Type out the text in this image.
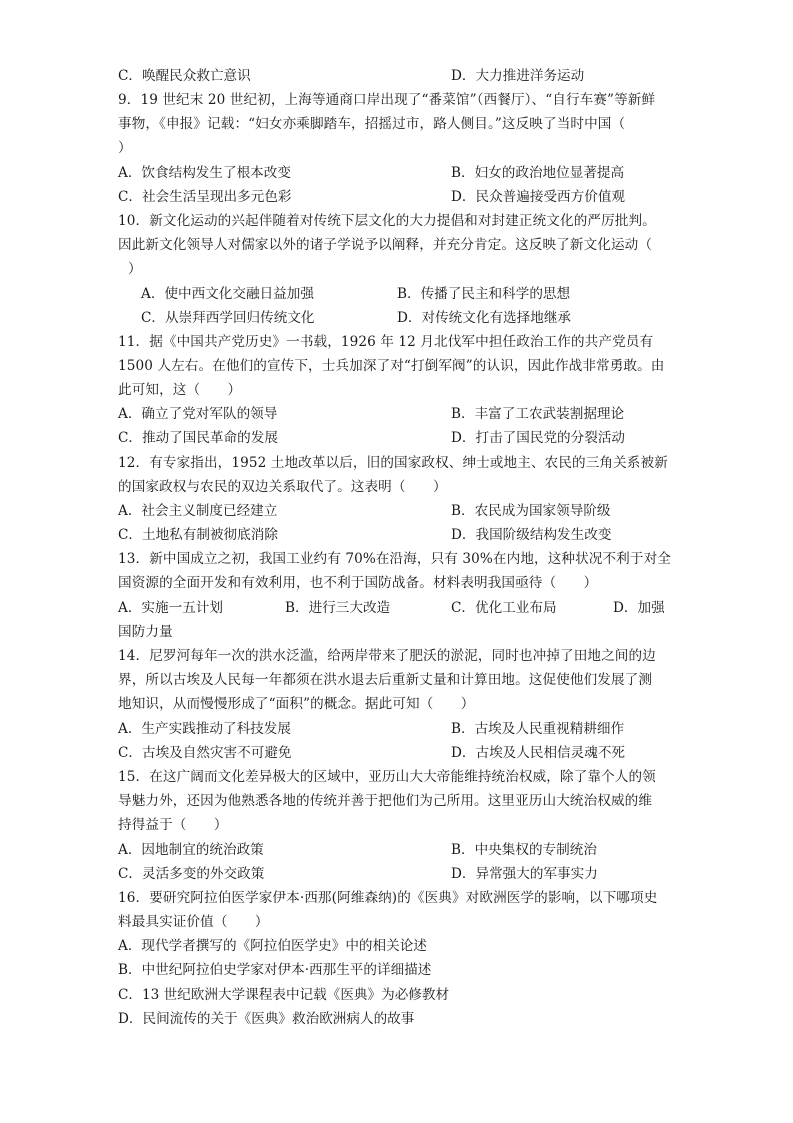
C．唤醒民众救亡意识	D．大力推进洋务运动
9．19 世纪末 20 世纪初，上海等通商口岸出现了“番菜馆”（西餐厅）、“自行车赛”等新鲜
事物，《申报》记载：“妇女亦乘脚踏车，招摇过市，路人侧目。”这反映了当时中国（
）
A．饮食结构发生了根本改变	B．妇女的政治地位显著提高
C．社会生活呈现出多元色彩	D．民众普遍接受西方价值观
10．新文化运动的兴起伴随着对传统下层文化的大力提倡和对封建正统文化的严厉批判。
因此新文化领导人对儒家以外的诸子学说予以阐释，并充分肯定。这反映了新文化运动（
）
A．使中西文化交融日益加强	B．传播了民主和科学的思想
C．从崇拜西学回归传统文化	D．对传统文化有选择地继承
11．据《中国共产党历史》一书载，1926 年 12 月北伐军中担任政治工作的共产党员有
1500 人左右。在他们的宣传下，士兵加深了对“打倒军阀”的认识，因此作战非常勇敢。由
此可知，这（　　）
A．确立了党对军队的领导	B．丰富了工农武装割据理论
C．推动了国民革命的发展	D．打击了国民党的分裂活动
12．有专家指出，1952 土地改革以后，旧的国家政权、绅士或地主、农民的三角关系被新
的国家政权与农民的双边关系取代了。这表明（　　）
A．社会主义制度已经建立	B．农民成为国家领导阶级
C．土地私有制被彻底消除	D．我国阶级结构发生改变
13．新中国成立之初，我国工业约有 70%在沿海，只有 30%在内地，这种状况不利于对全
国资源的全面开发和有效利用，也不利于国防战备。材料表明我国亟待（　　）
A．实施一五计划	B．进行三大改造	C．优化工业布局	D．加强
国防力量
14．尼罗河每年一次的洪水泛滥，给两岸带来了肥沃的淤泥，同时也冲掉了田地之间的边
界，所以古埃及人民每一年都须在洪水退去后重新丈量和计算田地。这促使他们发展了测
地知识，从而慢慢形成了“面积”的概念。据此可知（　　）
A．生产实践推动了科技发展	B．古埃及人民重视精耕细作
C．古埃及自然灾害不可避免	D．古埃及人民相信灵魂不死
15．在这广阔而文化差异极大的区域中，亚历山大大帝能维持统治权威，除了靠个人的领
导魅力外，还因为他熟悉各地的传统并善于把他们为己所用。这里亚历山大统治权威的维
持得益于（　　）
A．因地制宜的统治政策	B．中央集权的专制统治
C．灵活多变的外交政策	D．异常强大的军事实力
16．要研究阿拉伯医学家伊本·西那(阿维森纳)的《医典》对欧洲医学的影响，以下哪项史
料最具实证价值（　　）
A．现代学者撰写的《阿拉伯医学史》中的相关论述
B．中世纪阿拉伯史学家对伊本·西那生平的详细描述
C．13 世纪欧洲大学课程表中记载《医典》为必修教材
D．民间流传的关于《医典》救治欧洲病人的故事
